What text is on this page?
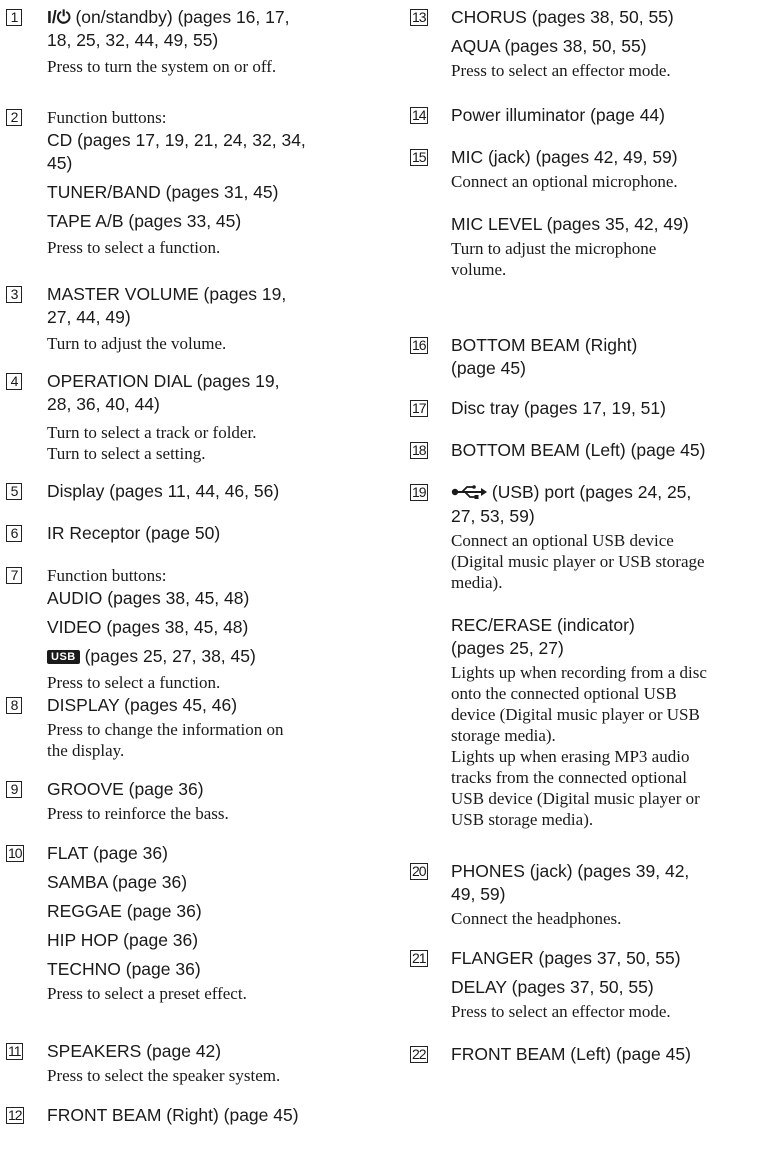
1 I/⏻ (on/standby) (pages 16, 17,
18, 25, 32, 44, 49, 55)
Press to turn the system on or off.
2 Function buttons:
CD (pages 17, 19, 21, 24, 32, 34,
45)
TUNER/BAND (pages 31, 45)
TAPE A/B (pages 33, 45)
Press to select a function.
3 MASTER VOLUME (pages 19,
27, 44, 49)
Turn to adjust the volume.
4 OPERATION DIAL (pages 19,
28, 36, 40, 44)
Turn to select a track or folder.
Turn to select a setting.
5 Display (pages 11, 44, 46, 56)
6 IR Receptor (page 50)
7 Function buttons:
AUDIO (pages 38, 45, 48)
VIDEO (pages 38, 45, 48)
USB (pages 25, 27, 38, 45)
Press to select a function.
8 DISPLAY (pages 45, 46)
Press to change the information on
the display.
9 GROOVE (page 36)
Press to reinforce the bass.
10 FLAT (page 36)
SAMBA (page 36)
REGGAE (page 36)
HIP HOP (page 36)
TECHNO (page 36)
Press to select a preset effect.
11 SPEAKERS (page 42)
Press to select the speaker system.
12 FRONT BEAM (Right) (page 45)
13 CHORUS (pages 38, 50, 55)
AQUA (pages 38, 50, 55)
Press to select an effector mode.
14 Power illuminator (page 44)
15 MIC (jack) (pages 42, 49, 59)
Connect an optional microphone.
MIC LEVEL (pages 35, 42, 49)
Turn to adjust the microphone
volume.
16 BOTTOM BEAM (Right)
(page 45)
17 Disc tray (pages 17, 19, 51)
18 BOTTOM BEAM (Left) (page 45)
19	(USB) port (pages 24, 25,
27, 53, 59)
Connect an optional USB device
(Digital music player or USB storage
media).
REC/ERASE (indicator)
(pages 25, 27)
Lights up when recording from a disc
onto the connected optional USB
device (Digital music player or USB
storage media).
Lights up when erasing MP3 audio
tracks from the connected optional
USB device (Digital music player or
USB storage media).
20 PHONES (jack) (pages 39, 42,
49, 59)
Connect the headphones.
21 FLANGER (pages 37, 50, 55)
DELAY (pages 37, 50, 55)
Press to select an effector mode.
22 FRONT BEAM (Left) (page 45)
